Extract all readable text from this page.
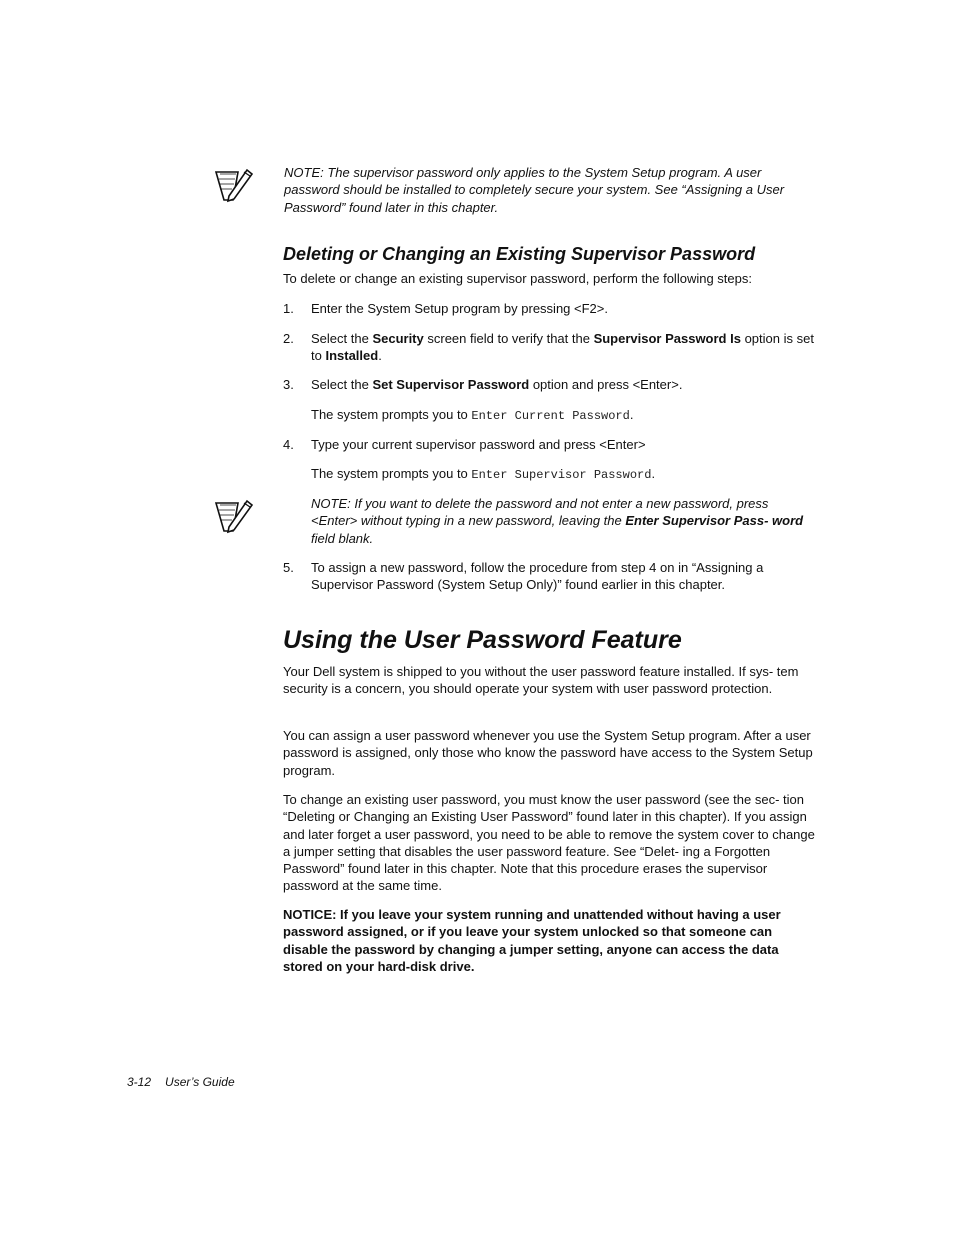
NOTE: The supervisor password only applies to the System Setup program. A user password should be installed to completely secure your system. See “Assigning a User Password” found later in this chapter.
Deleting or Changing an Existing Supervisor Password
To delete or change an existing supervisor password, perform the following steps:
1. Enter the System Setup program by pressing <F2>.
2. Select the Security screen field to verify that the Supervisor Password Is option is set to Installed.
3. Select the Set Supervisor Password option and press <Enter>.
The system prompts you to Enter Current Password.
4. Type your current supervisor password and press <Enter>
The system prompts you to Enter Supervisor Password.
NOTE: If you want to delete the password and not enter a new password, press <Enter> without typing in a new password, leaving the Enter Supervisor Pass- word field blank.
5. To assign a new password, follow the procedure from step 4 on in “Assigning a Supervisor Password (System Setup Only)” found earlier in this chapter.
Using the User Password Feature
Your Dell system is shipped to you without the user password feature installed. If sys- tem security is a concern, you should operate your system with user password protection.
You can assign a user password whenever you use the System Setup program. After a user password is assigned, only those who know the password have access to the System Setup program.
To change an existing user password, you must know the user password (see the sec- tion “Deleting or Changing an Existing User Password” found later in this chapter). If you assign and later forget a user password, you need to be able to remove the system cover to change a jumper setting that disables the user password feature. See “Delet- ing a Forgotten Password” found later in this chapter. Note that this procedure erases the supervisor password at the same time.
NOTICE: If you leave your system running and unattended without having a user password assigned, or if you leave your system unlocked so that someone can disable the password by changing a jumper setting, anyone can access the data stored on your hard-disk drive.
3-12 User’s Guide
